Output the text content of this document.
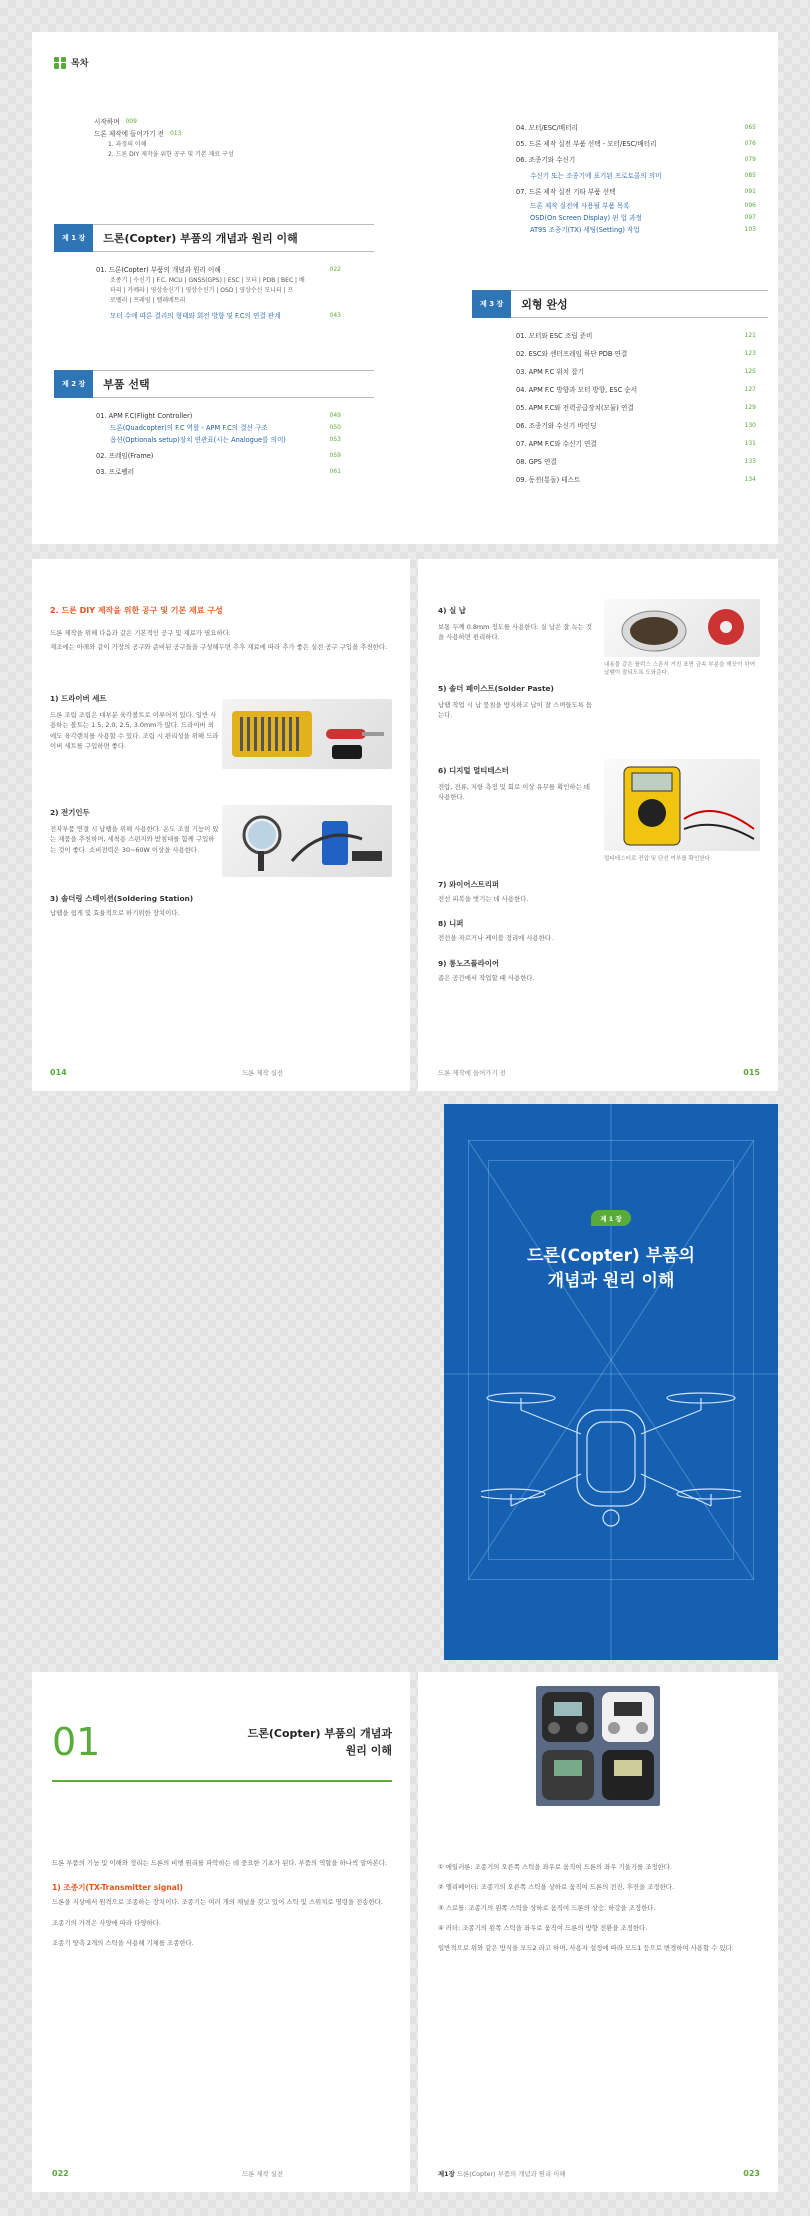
목차
시작하며 009
드론 제작에 들어가기 전 013
1. 과정의 이해
2. 드론 DIY 제작을 위한 공구 및 기본 재료 구성
제 1 장	드론(Copter) 부품의 개념과 원리 이해
01. 드론(Copter) 부품의 개념과 원리 이해	022
조종기 | 수신기 | F.C. MCU | GNSS(GPS) | ESC | 모터 | PDB | BEC | 배
터리 | 카메라 | 영상송신기 | 영상수신기 | OSD | 영상수신 모니터 | 프
로펠러 | 프레임 | 텔레메트리
모터 수에 따른 결리의 형태와 회전 방향 및 F.C의 연결 관계	043
제 2 장	부품 선택
01. APM F.C(Flight Controller)	049
드론(Quadcopter)의 F.C 역할 - APM F.C의 결선 구조	050
옵션(Optionals setup)장치 연관표(시는 Analogue를 의미)	053
02. 프레임(Frame)	059
03. 프로펠러	061
04. 모터/ESC/배터리	065
05. 드론 제작 실전 부품 선택 - 모터/ESC/배터리	076
06. 조종기와 수신기	079
수신기 또는 조종기에 표기된 프로토콜의 의미	085
07. 드론 제작 실전 기타 부품 선택	091
드론 제작 실전에 사용될 부품 목록	096
OSD(On Screen Display) 핀 업 과정	097
AT9S 조종기(TX) 세팅(Setting) 작업	103
제 3 장	외형 완성
01. 모터와 ESC 조립 준비	121
02. ESC와 센터프레임 하단 PDB 연결	123
03. APM F.C 위치 잡기	125
04. APM F.C 방향과 모터 방향, ESC 순서	127
05. APM F.C와 전력공급장치(모듈) 연결	129
06. 조종기와 수신기 바인딩	130
07. APM F.C와 수신기 연결	131
08. GPS 연결	133
09. 동전(통돌) 테스트	134
2. 드론 DIY 제작을 위한 공구 및 기본 재료 구성

드론 제작을 위해 다음과 같은 기본적인 공구 및 재료가 필요하다.

제조에는 아래와 같이 가장의 공구와 준비된 공구들을 구성해두면 추후 재료에 따라 추가 좋은 실전 공구 구입을 추천한다.

1) 드라이버 세트

드론 조립 조립은 대부분 육각볼트로 이루어져 있다. 일반 사용하는 볼트는 1.5, 2.0, 2.5, 3.0mm가 많다. 드라이버 외에도 육각렌치를 사용할 수 있다. 조립 시 편리성을 위해 드라이버 세트를 구입하면 좋다.

2) 전기인두

전자부품 연결 시 납땜을 위해 사용한다. 온도 조절 기능이 있는 제품을 추천하며, 세척용 스펀지와 받침대를 함께 구입하는 것이 좋다. 소비전력은 30~60W 이상을 사용한다.

3) 솔더링 스테이션(Soldering Station)

납땜을 쉽게 및 효율적으로 하기위한 장치이다.

014	드론 제작 실전
4) 실 납

보통 두께 0.8mm 정도를 사용한다. 실 납은 잘 녹는 것을 사용하면 편리하다.

내용물 같은 플럭스 스폰지 거친 표면 금속 부분을 깨끗이 하여 납땜이 잘되도록 도와준다.

5) 솔더 페이스트(Solder Paste)

납땜 작업 시 납 뭉침을 방지하고 납이 잘 스며들도록 돕는다.

6) 디지털 멀티테스터

전압, 전류, 저항 측정 및 회로 이상 유무를 확인하는 데 사용한다.

멀티테스터로 전압 및 단선 여부를 확인한다.

7) 와이어스트리퍼

전선 피복을 벗기는 데 사용한다.

8) 니퍼

전선을 자르거나 케이블 정리에 사용한다.

9) 롱노즈플라이어

좁은 공간에서 작업할 때 사용한다.

드론 제작에 들어가기 전	015
제 1 장
드론(Copter) 부품의
개념과 원리 이해
01	드론(Copter) 부품의 개념과
원리 이해

드론 부품의 기능 및 이해와 정리는 드론의 비행 원리를 파악하는 데 중요한 기초가 된다. 부품의 역할을 하나씩 알아본다.

1) 조종기(TX-Transmitter signal)

드론을 지상에서 원격으로 조종하는 장치이다. 조종기는 여러 개의 채널을 갖고 있어 스틱 및 스위치로 명령을 전송한다.

조종기의 가격은 사양에 따라 다양하다.

조종기 양측 2개의 스틱을 사용해 기체를 조종한다.

022	드론 제작 실전

① 에일러론: 조종기의 오른쪽 스틱을 좌우로 움직여 드론의 좌우 기울기를 조정한다.

② 엘리베이터: 조종기의 오른쪽 스틱을 상하로 움직여 드론의 전진, 후진을 조정한다.

③ 스로틀: 조종기의 왼쪽 스틱을 상하로 움직여 드론의 상승, 하강을 조정한다.

④ 러더: 조종기의 왼쪽 스틱을 좌우로 움직여 드론의 방향 전환을 조정한다.

일반적으로 위와 같은 방식을 모드2 라고 하며, 사용자 설정에 따라 모드1 등으로 변경하여 사용할 수 있다.

제1장 드론(Copter) 부품의 개념과 원리 이해	023
